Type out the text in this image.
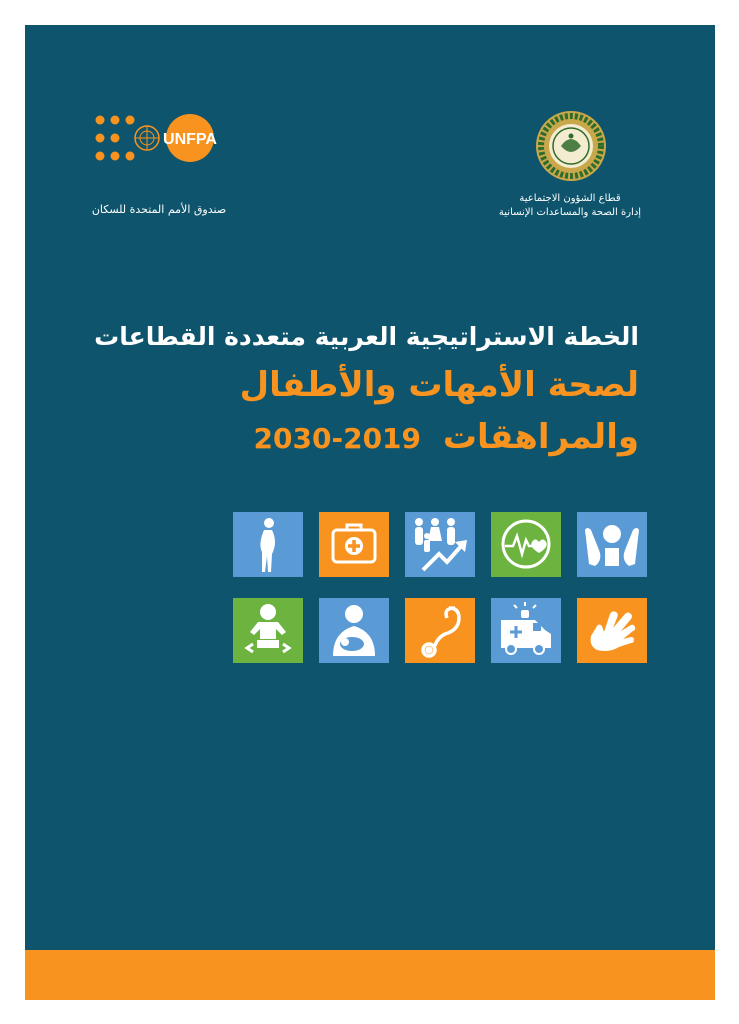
UNFPA
صندوق الأمم المتحدة للسكان
قطاع الشؤون الاجتماعية
إدارة الصحة والمساعدات الإنسانية
الخطة الاستراتيجية العربية متعددة القطاعات
لصحة الأمهات والأطفال
والمراهقات 2030-2019
